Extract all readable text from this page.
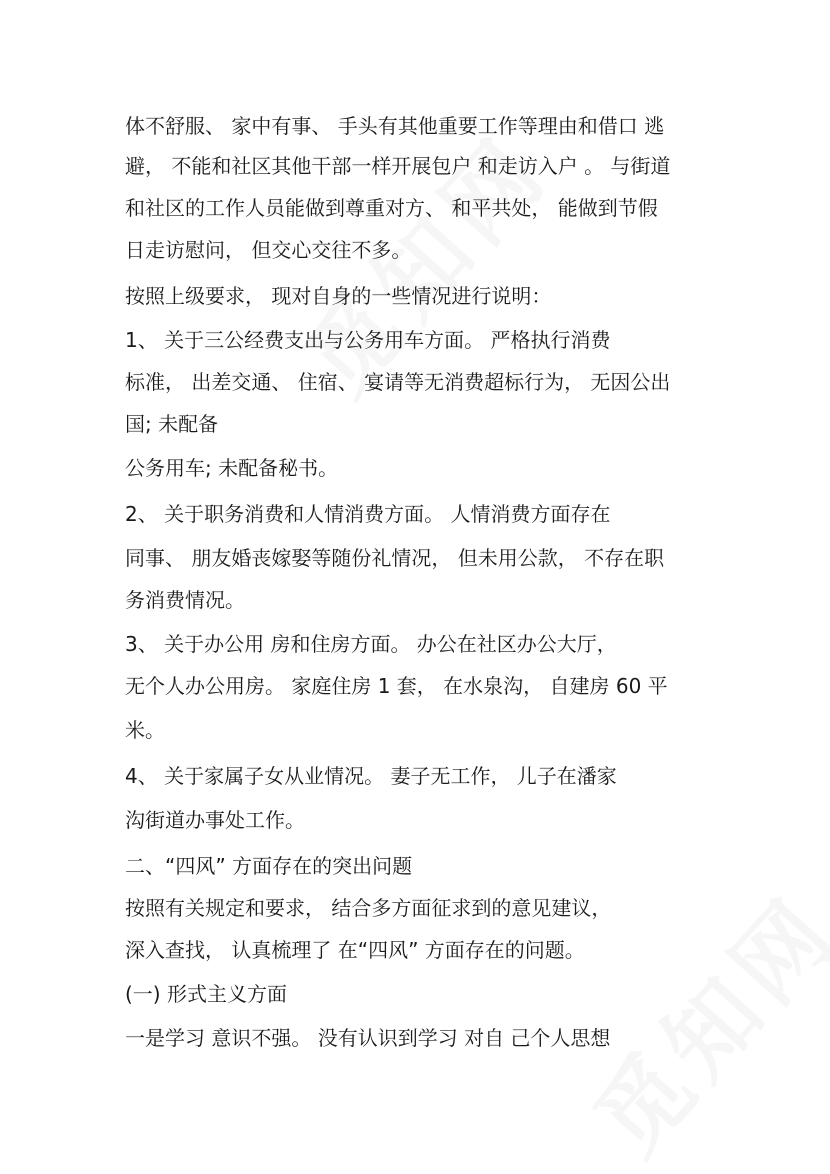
体不舒服、 家中有事、 手头有其他重要工作等理由和借口 逃
避， 不能和社区其他干部一样开展包户 和走访入户 。 与街道
和社区的工作人员能做到尊重对方、 和平共处， 能做到节假
日走访慰问， 但交心交往不多。
按照上级要求， 现对自身的一些情况进行说明：
1、 关于三公经费支出与公务用车方面。 严格执行消费
标准， 出差交通、 住宿、 宴请等无消费超标行为， 无因公出
国; 未配备
公务用车; 未配备秘书。
2、 关于职务消费和人情消费方面。 人情消费方面存在
同事、 朋友婚丧嫁娶等随份礼情况， 但未用公款， 不存在职
务消费情况。
3、 关于办公用 房和住房方面。 办公在社区办公大厅，
无个人办公用房。 家庭住房 1 套， 在水泉沟， 自建房 60 平
米。
4、 关于家属子女从业情况。 妻子无工作， 儿子在潘家
沟街道办事处工作。
二、“四风” 方面存在的突出问题
按照有关规定和要求， 结合多方面征求到的意见建议，
深入查找， 认真梳理了 在“四风” 方面存在的问题。
(一) 形式主义方面
一是学习 意识不强。 没有认识到学习 对自 己个人思想
